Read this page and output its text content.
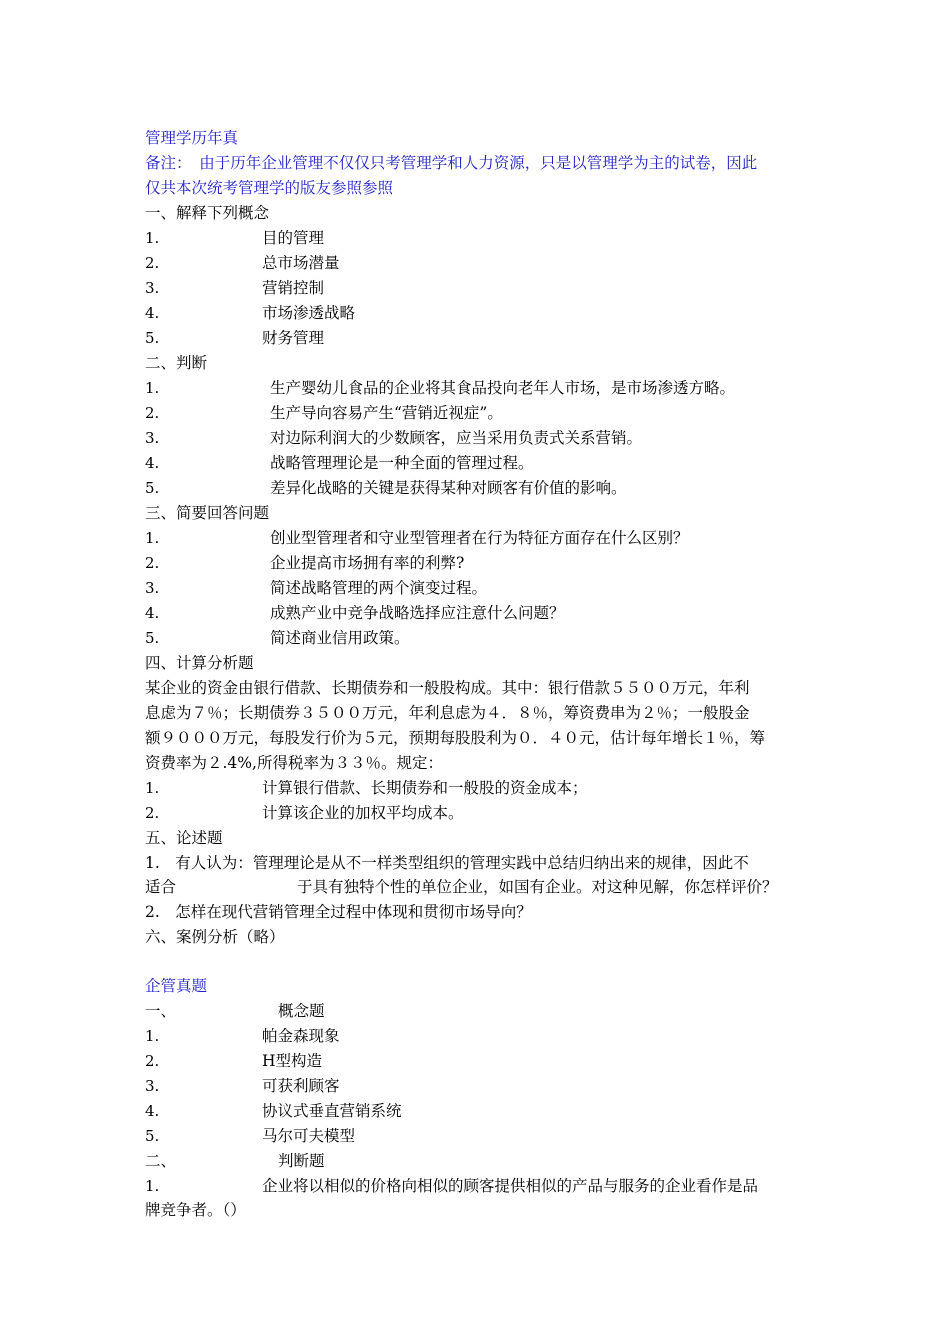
管理学历年真
备注：　由于历年企业管理不仅仅只考管理学和人力资源，只是以管理学为主的试卷，因此
仅共本次统考管理学的版友参照参照
一、解释下列概念
1.	目的管理
2.	总市场潜量
3.	营销控制
4.	市场渗透战略
5.	财务管理
二、判断
1.	生产婴幼儿食品的企业将其食品投向老年人市场，是市场渗透方略。
2.	生产导向容易产生“营销近视症”。
3.	对边际利润大的少数顾客，应当采用负责式关系营销。
4.	战略管理理论是一种全面的管理过程。
5.	差异化战略的关键是获得某种对顾客有价值的影响。
三、简要回答问题
1.	创业型管理者和守业型管理者在行为特征方面存在什么区别？
2.	企业提高市场拥有率的利弊?
3.	简述战略管理的两个演变过程。
4.	成熟产业中竞争战略选择应注意什么问题？
5.	简述商业信用政策。
四、计算分析题
某企业的资金由银行借款、长期债券和一般股构成。其中：银行借款５５００万元，年利
息虑为７％；长期债券３５００万元，年利息虑为４．８％，筹资费串为２％；一般股金
额９０００万元，每股发行价为５元，预期每股股利为０．４０元，估计每年增长１％，筹
资费率为２.4%,所得税率为３３％。规定：
1.	计算银行借款、长期债券和一般股的资金成本；
2.	计算该企业的加权平均成本。
五、论述题
1.　有人认为：管理理论是从不一样类型组织的管理实践中总结归纳出来的规律，因此不
适合	于具有独特个性的单位企业，如国有企业。对这种见解，你怎样评价？
2.　怎样在现代营销管理全过程中体现和贯彻市场导向？
六、案例分析（略）
企管真题
一、	概念题
1.	帕金森现象
2.	H型构造
3.	可获利顾客
4.	协议式垂直营销系统
5.	马尔可夫模型
二、	判断题
1.	企业将以相似的价格向相似的顾客提供相似的产品与服务的企业看作是品
牌竞争者。（）
